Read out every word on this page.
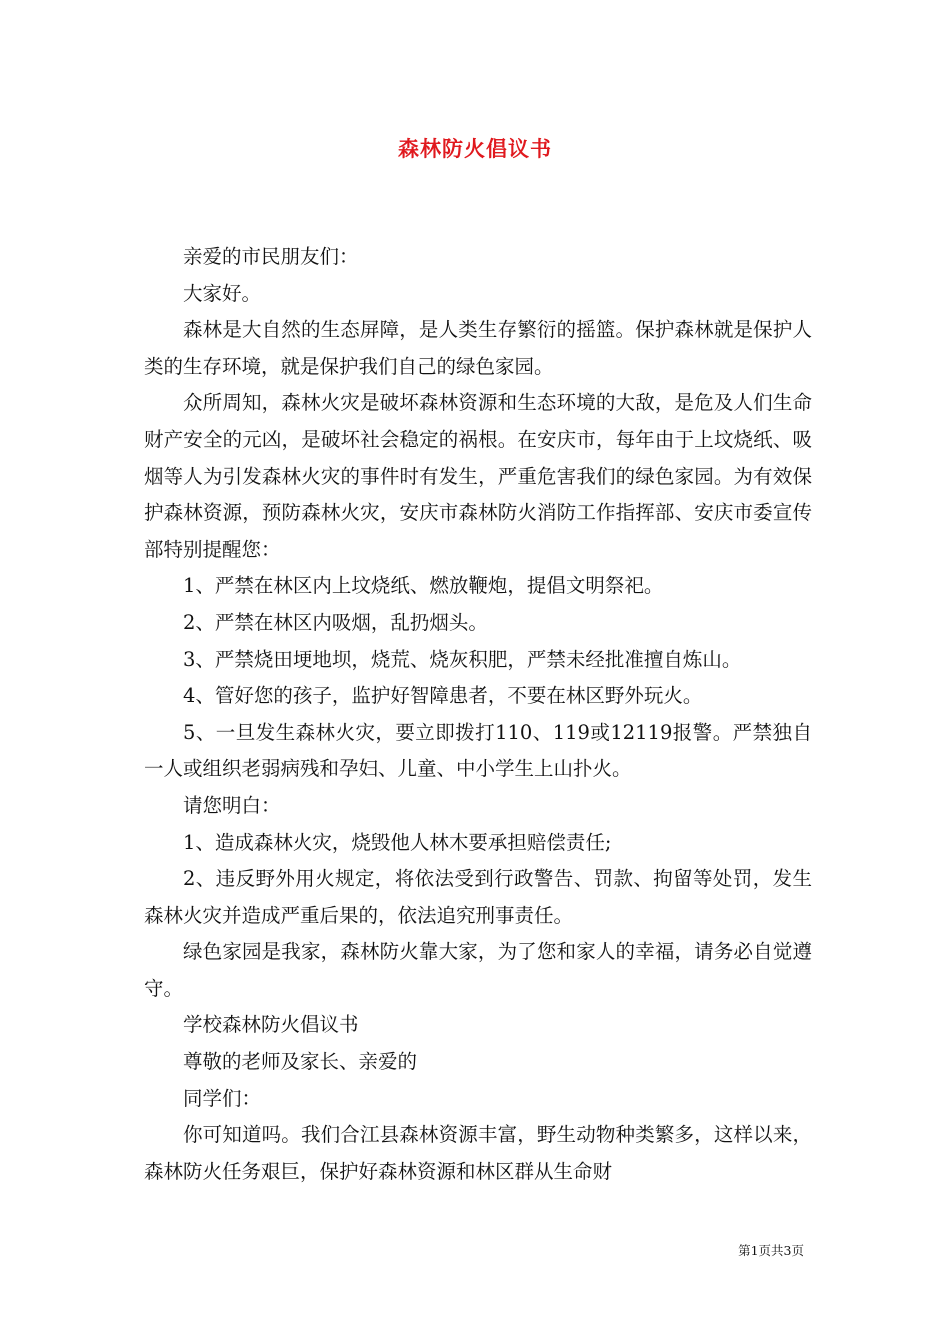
森林防火倡议书

亲爱的市民朋友们：

大家好。

森林是大自然的生态屏障，是人类生存繁衍的摇篮。保护森林就是保护人类的生存环境，就是保护我们自己的绿色家园。

众所周知，森林火灾是破坏森林资源和生态环境的大敌，是危及人们生命财产安全的元凶，是破坏社会稳定的祸根。在安庆市，每年由于上坟烧纸、吸烟等人为引发森林火灾的事件时有发生，严重危害我们的绿色家园。为有效保护森林资源，预防森林火灾，安庆市森林防火消防工作指挥部、安庆市委宣传部特别提醒您：

1、严禁在林区内上坟烧纸、燃放鞭炮，提倡文明祭祀。

2、严禁在林区内吸烟，乱扔烟头。

3、严禁烧田埂地坝，烧荒、烧灰积肥，严禁未经批准擅自炼山。

4、管好您的孩子，监护好智障患者，不要在林区野外玩火。

5、一旦发生森林火灾，要立即拨打110、119或12119报警。严禁独自一人或组织老弱病残和孕妇、儿童、中小学生上山扑火。

请您明白：

1、造成森林火灾，烧毁他人林木要承担赔偿责任;

2、违反野外用火规定，将依法受到行政警告、罚款、拘留等处罚，发生森林火灾并造成严重后果的，依法追究刑事责任。

绿色家园是我家，森林防火靠大家，为了您和家人的幸福，请务必自觉遵守。

学校森林防火倡议书

尊敬的老师及家长、亲爱的

同学们：

你可知道吗。我们合江县森林资源丰富，野生动物种类繁多，这样以来，森林防火任务艰巨，保护好森林资源和林区群从生命财

第1页共3页
